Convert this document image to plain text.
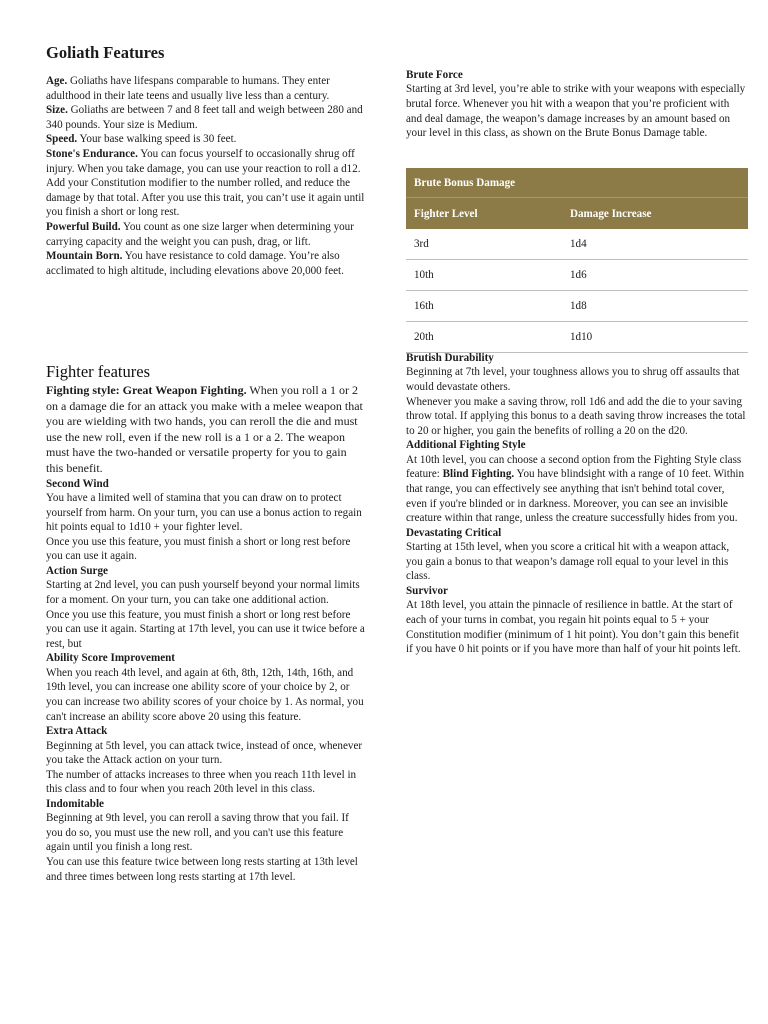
Goliath Features

Age. Goliaths have lifespans comparable to humans. They enter adulthood in their late teens and usually live less than a century.

Size. Goliaths are between 7 and 8 feet tall and weigh between 280 and 340 pounds. Your size is Medium.

Speed. Your base walking speed is 30 feet.

Stone's Endurance. You can focus yourself to occasionally shrug off injury. When you take damage, you can use your reaction to roll a d12. Add your Constitution modifier to the number rolled, and reduce the damage by that total. After you use this trait, you can’t use it again until you finish a short or long rest.

Powerful Build. You count as one size larger when determining your carrying capacity and the weight you can push, drag, or lift.

Mountain Born. You have resistance to cold damage. You’re also acclimated to high altitude, including elevations above 20,000 feet.

Fighter features

Fighting style: Great Weapon Fighting. When you roll a 1 or 2 on a damage die for an attack you make with a melee weapon that you are wielding with two hands, you can reroll the die and must use the new roll, even if the new roll is a 1 or a 2. The weapon must have the two-handed or versatile property for you to gain this benefit.

Second Wind

You have a limited well of stamina that you can draw on to protect yourself from harm. On your turn, you can use a bonus action to regain hit points equal to 1d10 + your fighter level.

Once you use this feature, you must finish a short or long rest before you can use it again.

Action Surge

Starting at 2nd level, you can push yourself beyond your normal limits for a moment. On your turn, you can take one additional action.

Once you use this feature, you must finish a short or long rest before you can use it again. Starting at 17th level, you can use it twice before a rest, but

Ability Score Improvement

When you reach 4th level, and again at 6th, 8th, 12th, 14th, 16th, and 19th level, you can increase one ability score of your choice by 2, or you can increase two ability scores of your choice by 1. As normal, you can't increase an ability score above 20 using this feature.

Extra Attack

Beginning at 5th level, you can attack twice, instead of once, whenever you take the Attack action on your turn.

The number of attacks increases to three when you reach 11th level in this class and to four when you reach 20th level in this class.

Indomitable

Beginning at 9th level, you can reroll a saving throw that you fail. If you do so, you must use the new roll, and you can't use this feature again until you finish a long rest.

You can use this feature twice between long rests starting at 13th level and three times between long rests starting at 17th level.

Brute Force

Starting at 3rd level, you’re able to strike with your weapons with especially brutal force. Whenever you hit with a weapon that you’re proficient with and deal damage, the weapon’s damage increases by an amount based on your level in this class, as shown on the Brute Bonus Damage table.

Brute Bonus Damage	
Fighter Level	Damage Increase
3rd	1d4
10th	1d6
16th	1d8
20th	1d10

Brutish Durability

Beginning at 7th level, your toughness allows you to shrug off assaults that would devastate others.

Whenever you make a saving throw, roll 1d6 and add the die to your saving throw total. If applying this bonus to a death saving throw increases the total to 20 or higher, you gain the benefits of rolling a 20 on the d20.

Additional Fighting Style

At 10th level, you can choose a second option from the Fighting Style class feature: Blind Fighting. You have blindsight with a range of 10 feet. Within that range, you can effectively see anything that isn't behind total cover, even if you're blinded or in darkness. Moreover, you can see an invisible creature within that range, unless the creature successfully hides from you.

Devastating Critical

Starting at 15th level, when you score a critical hit with a weapon attack, you gain a bonus to that weapon’s damage roll equal to your level in this class.

Survivor

At 18th level, you attain the pinnacle of resilience in battle. At the start of each of your turns in combat, you regain hit points equal to 5 + your Constitution modifier (minimum of 1 hit point). You don’t gain this benefit if you have 0 hit points or if you have more than half of your hit points left.
